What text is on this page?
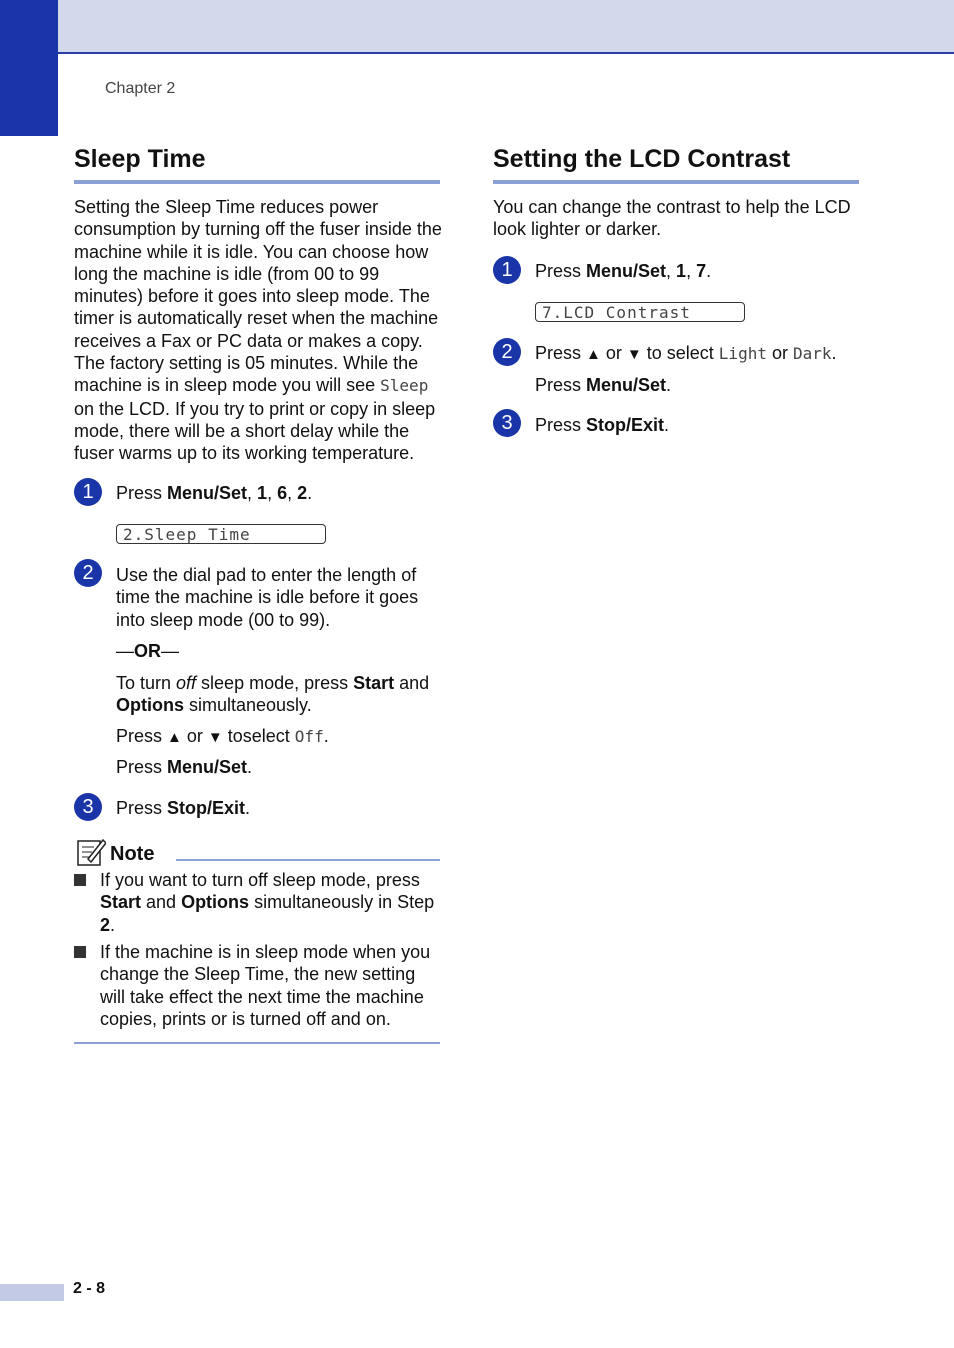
Chapter 2
Sleep Time

Setting the Sleep Time reduces power consumption by turning off the fuser inside the machine while it is idle. You can choose how long the machine is idle (from 00 to 99 minutes) before it goes into sleep mode. The timer is automatically reset when the machine receives a Fax or PC data or makes a copy. The factory setting is 05 minutes. While the machine is in sleep mode you will see Sleep on the LCD. If you try to print or copy in sleep mode, there will be a short delay while the fuser warms up to its working temperature.

1	Press Menu/Set, 1, 6, 2.

2.Sleep Time
2	Use the dial pad to enter the length of time the machine is idle before it goes into sleep mode (00 to 99).

—OR—

To turn off sleep mode, press Start and Options simultaneously.

Press ▲ or ▼ toselect Off.

Press Menu/Set.

3	Press Stop/Exit.

Note

If you want to turn off sleep mode, press Start and Options simultaneously in Step 2.

If the machine is in sleep mode when you change the Sleep Time, the new setting will take effect the next time the machine copies, prints or is turned off and on.

Setting the LCD Contrast

You can change the contrast to help the LCD look lighter or darker.

1	Press Menu/Set, 1, 7.

7.LCD Contrast
2	Press ▲ or ▼ to select Light or Dark.

Press Menu/Set.

3	Press Stop/Exit.

2 - 8
